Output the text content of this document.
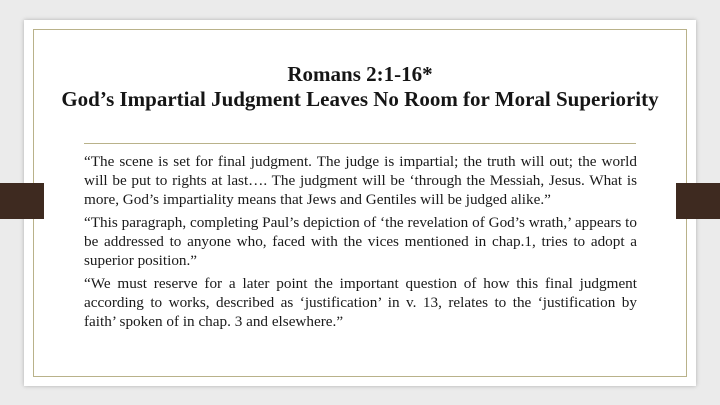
Romans 2:1-16*
God’s Impartial Judgment Leaves No Room for Moral Superiority

“The scene is set for final judgment. The judge is impartial; the truth will out; the world will be put to rights at last…. The judgment will be ‘through the Messiah, Jesus. What is more, God’s impartiality means that Jews and Gentiles will be judged alike.”

“This paragraph, completing Paul’s depiction of ‘the revelation of God’s wrath,’ appears to be addressed to anyone who, faced with the vices mentioned in chap.1, tries to adopt a superior position.”

“We must reserve for a later point the important question of how this final judgment according to works, described as ‘justification’ in v. 13, relates to the ‘justification by faith’ spoken of in chap. 3 and elsewhere.”
